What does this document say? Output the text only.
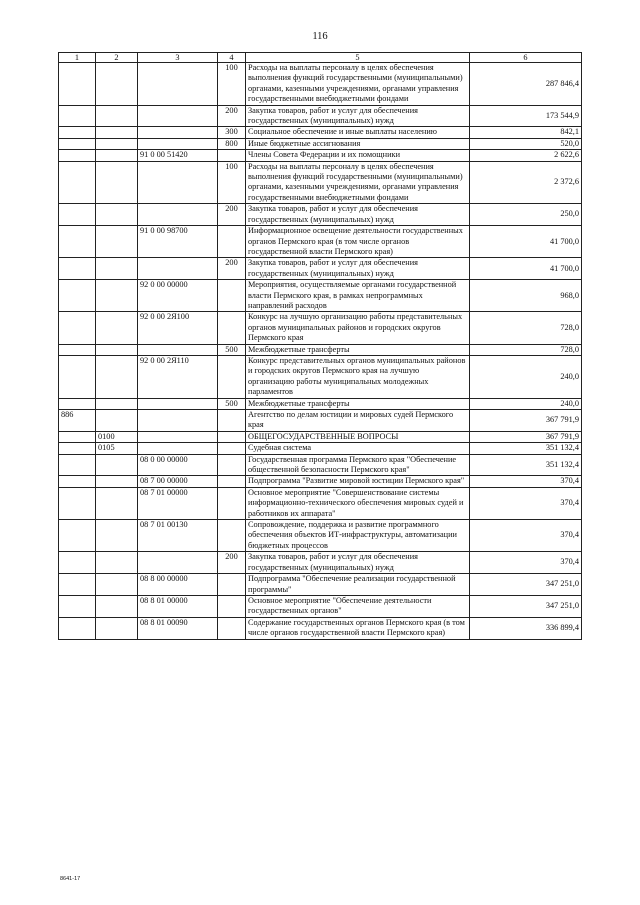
116
1	2	3	4	5	6
			100	Расходы на выплаты персоналу в целях обеспечения выполнения функций государственными (муниципальными) органами, казенными учреждениями, органами управления государственными внебюджетными фондами	287 846,4
			200	Закупка товаров, работ и услуг для обеспечения государственных (муниципальных) нужд	173 544,9
			300	Социальное обеспечение и иные выплаты населению	842,1
			800	Иные бюджетные ассигнования	520,0
		91 0 00 51420		Члены Совета Федерации и их помощники	2 622,6
			100	Расходы на выплаты персоналу в целях обеспечения выполнения функций государственными (муниципальными) органами, казенными учреждениями, органами управления государственными внебюджетными фондами	2 372,6
			200	Закупка товаров, работ и услуг для обеспечения государственных (муниципальных) нужд	250,0
		91 0 00 98700		Информационное освещение деятельности государственных органов Пермского края (в том числе органов государственной власти Пермского края)	41 700,0
			200	Закупка товаров, работ и услуг для обеспечения государственных (муниципальных) нужд	41 700,0
		92 0 00 00000		Мероприятия, осуществляемые органами государственной власти Пермского края, в рамках непрограммных направлений расходов	968,0
		92 0 00 2Я100		Конкурс на лучшую организацию работы представительных органов муниципальных районов и городских округов Пермского края	728,0
			500	Межбюджетные трансферты	728,0
		92 0 00 2Я110		Конкурс представительных органов муниципальных районов и городских округов Пермского края на лучшую организацию работы муниципальных молодежных парламентов	240,0
			500	Межбюджетные трансферты	240,0
886				Агентство по делам юстиции и мировых судей Пермского края	367 791,9
	0100			ОБЩЕГОСУДАРСТВЕННЫЕ ВОПРОСЫ	367 791,9
	0105			Судебная система	351 132,4
		08 0 00 00000		Государственная программа Пермского края "Обеспечение общественной безопасности Пермского края"	351 132,4
		08 7 00 00000		Подпрограмма "Развитие мировой юстиции Пермского края"	370,4
		08 7 01 00000		Основное мероприятие "Совершенствование системы информационно-технического обеспечения мировых судей и работников их аппарата"	370,4
		08 7 01 00130		Сопровождение, поддержка и развитие программного обеспечения объектов ИТ-инфраструктуры, автоматизации бюджетных процессов	370,4
			200	Закупка товаров, работ и услуг для обеспечения государственных (муниципальных) нужд	370,4
		08 8 00 00000		Подпрограмма "Обеспечение реализации государственной программы"	347 251,0
		08 8 01 00000		Основное мероприятие "Обеспечение деятельности государственных органов"	347 251,0
		08 8 01 00090		Содержание государственных органов Пермского края (в том числе органов государственной власти Пермского края)	336 899,4
8641-17
